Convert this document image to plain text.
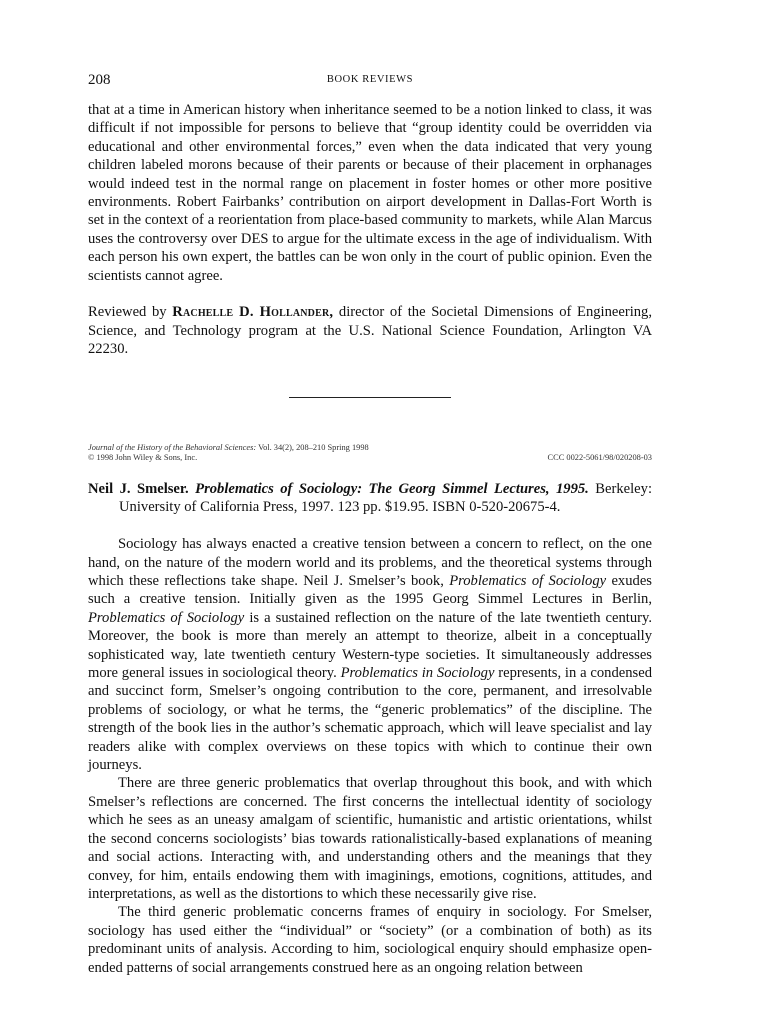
208	BOOK REVIEWS

that at a time in American history when inheritance seemed to be a notion linked to class, it was difficult if not impossible for persons to believe that “group identity could be overridden via educational and other environmental forces,” even when the data indicated that very young children labeled morons because of their parents or because of their placement in orphanages would indeed test in the normal range on placement in foster homes or other more positive environments. Robert Fairbanks’ contribution on airport development in Dallas-Fort Worth is set in the context of a reorientation from place-based community to markets, while Alan Marcus uses the controversy over DES to argue for the ultimate excess in the age of individualism. With each person his own expert, the battles can be won only in the court of public opinion. Even the scientists cannot agree.

Reviewed by Rachelle D. Hollander, director of the Societal Dimensions of Engineering, Science, and Technology program at the U.S. National Science Foundation, Arlington VA 22230.

Journal of the History of the Behavioral Sciences: Vol. 34(2), 208–210 Spring 1998
© 1998 John Wiley & Sons, Inc.	CCC 0022-5061/98/020208-03

Neil J. Smelser. Problematics of Sociology: The Georg Simmel Lectures, 1995. Berkeley: University of California Press, 1997. 123 pp. $19.95. ISBN 0-520-20675-4.

Sociology has always enacted a creative tension between a concern to reflect, on the one hand, on the nature of the modern world and its problems, and the theoretical systems through which these reflections take shape. Neil J. Smelser’s book, Problematics of Sociology exudes such a creative tension. Initially given as the 1995 Georg Simmel Lectures in Berlin, Problematics of Sociology is a sustained reflection on the nature of the late twentieth century. Moreover, the book is more than merely an attempt to theorize, albeit in a conceptually sophisticated way, late twentieth century Western-type societies. It simultaneously addresses more general issues in sociological theory. Problematics in Sociology represents, in a condensed and succinct form, Smelser’s ongoing contribution to the core, permanent, and irresolvable problems of sociology, or what he terms, the “generic problematics” of the discipline. The strength of the book lies in the author’s schematic approach, which will leave specialist and lay readers alike with complex overviews on these topics with which to continue their own journeys.

There are three generic problematics that overlap throughout this book, and with which Smelser’s reflections are concerned. The first concerns the intellectual identity of sociology which he sees as an uneasy amalgam of scientific, humanistic and artistic orientations, whilst the second concerns sociologists’ bias towards rationalistically-based explanations of meaning and social actions. Interacting with, and understanding others and the meanings that they convey, for him, entails endowing them with imaginings, emotions, cognitions, attitudes, and interpretations, as well as the distortions to which these necessarily give rise.

The third generic problematic concerns frames of enquiry in sociology. For Smelser, sociology has used either the “individual” or “society” (or a combination of both) as its predominant units of analysis. According to him, sociological enquiry should emphasize open-ended patterns of social arrangements construed here as an ongoing relation between
